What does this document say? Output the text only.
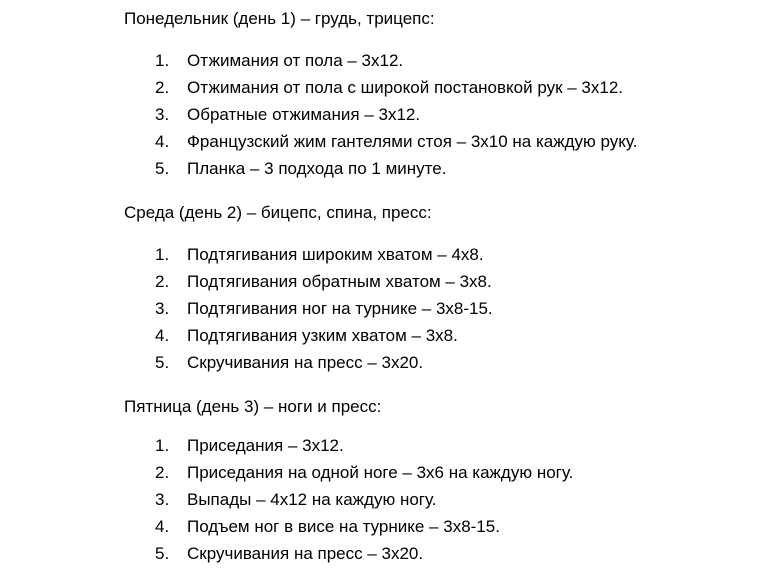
Понедельник (день 1) – грудь, трицепс:

1. Отжимания от пола – 3x12.
2. Отжимания от пола с широкой постановкой рук – 3x12.
3. Обратные отжимания – 3x12.
4. Французский жим гантелями стоя – 3x10 на каждую руку.
5. Планка – 3 подхода по 1 минуте.

Среда (день 2) – бицепс, спина, пресс:

1. Подтягивания широким хватом – 4x8.
2. Подтягивания обратным хватом – 3x8.
3. Подтягивания ног на турнике – 3x8-15.
4. Подтягивания узким хватом – 3x8.
5. Скручивания на пресс – 3x20.

Пятница (день 3) – ноги и пресс:

1. Приседания – 3x12.
2. Приседания на одной ноге – 3x6 на каждую ногу.
3. Выпады – 4x12 на каждую ногу.
4. Подъем ног в висе на турнике – 3x8-15.
5. Скручивания на пресс – 3x20.
